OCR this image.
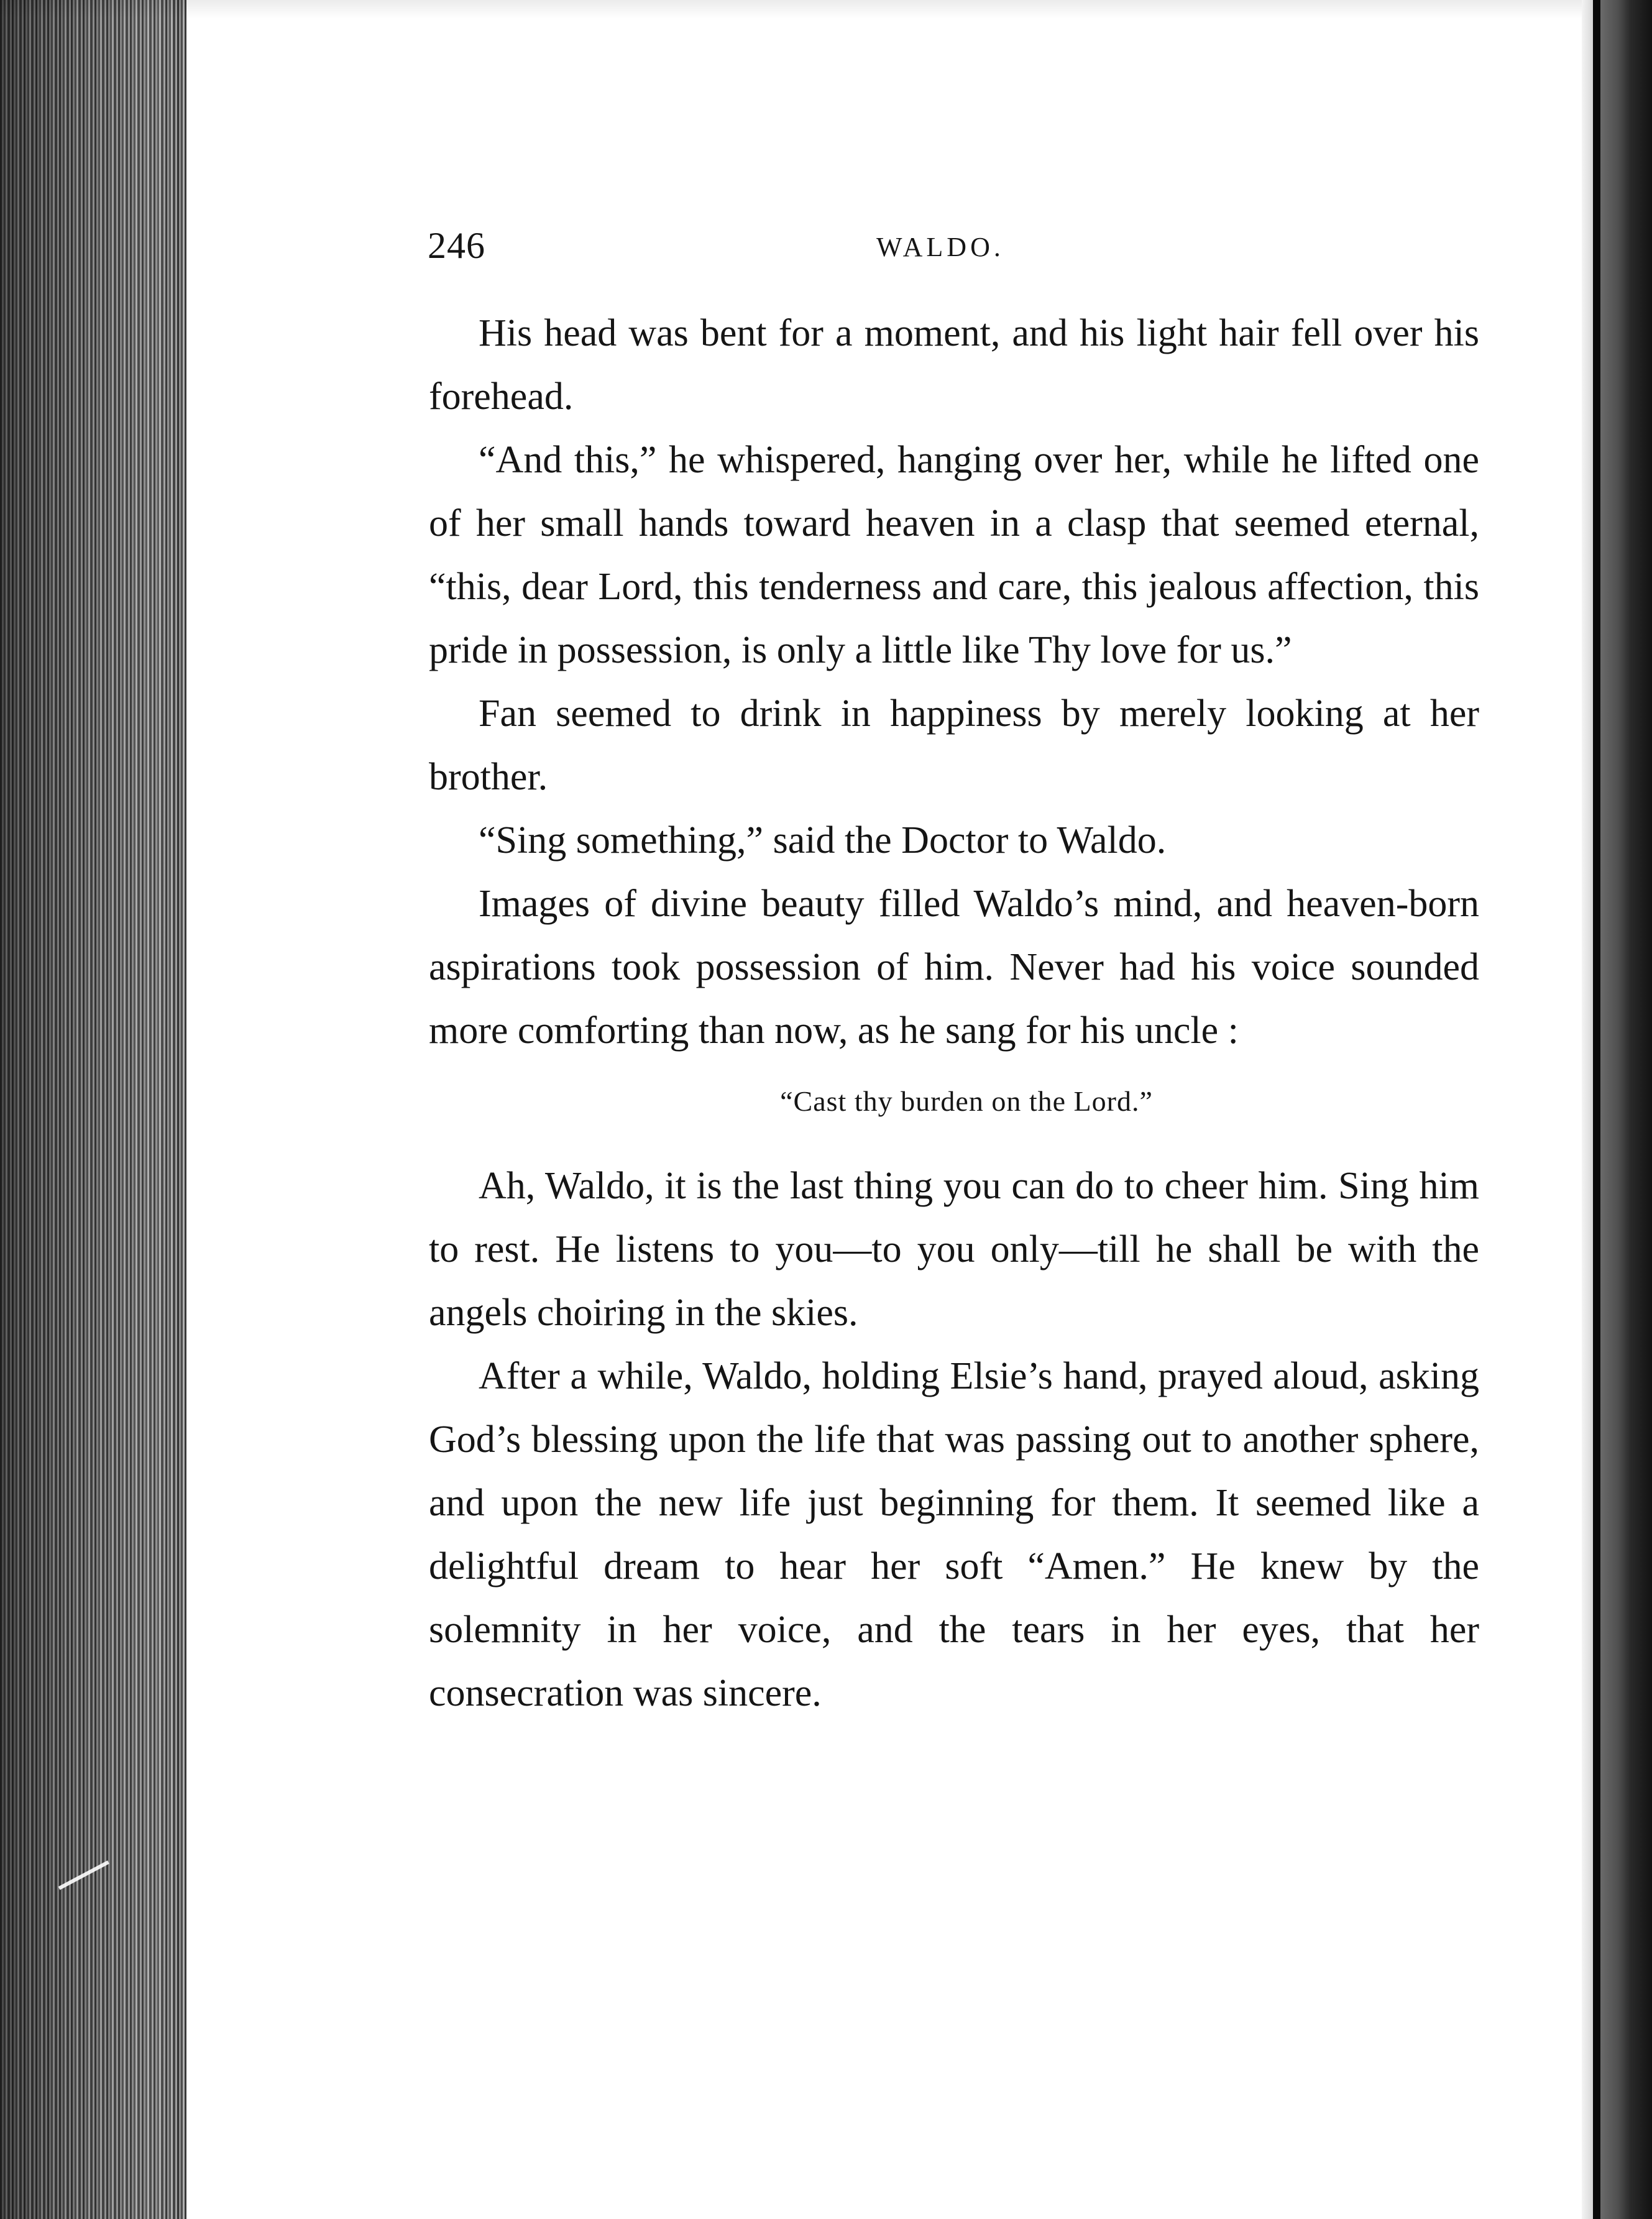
246	WALDO.

His head was bent for a moment, and his light hair fell over his forehead.

“And this,” he whispered, hanging over her, while he lifted one of her small hands toward heaven in a clasp that seemed eternal, “this, dear Lord, this tenderness and care, this jealous affection, this pride in possession, is only a little like Thy love for us.”

Fan seemed to drink in happiness by merely looking at her brother.

“Sing something,” said the Doctor to Waldo.

Images of divine beauty filled Waldo’s mind, and heaven-born aspirations took possession of him. Never had his voice sounded more comforting than now, as he sang for his uncle :

“Cast thy burden on the Lord.”

Ah, Waldo, it is the last thing you can do to cheer him. Sing him to rest. He listens to you—to you only—till he shall be with the angels choiring in the skies.

After a while, Waldo, holding Elsie’s hand, prayed aloud, asking God’s blessing upon the life that was passing out to another sphere, and upon the new life just beginning for them. It seemed like a delightful dream to hear her soft “Amen.” He knew by the solemnity in her voice, and the tears in her eyes, that her consecration was sincere.
